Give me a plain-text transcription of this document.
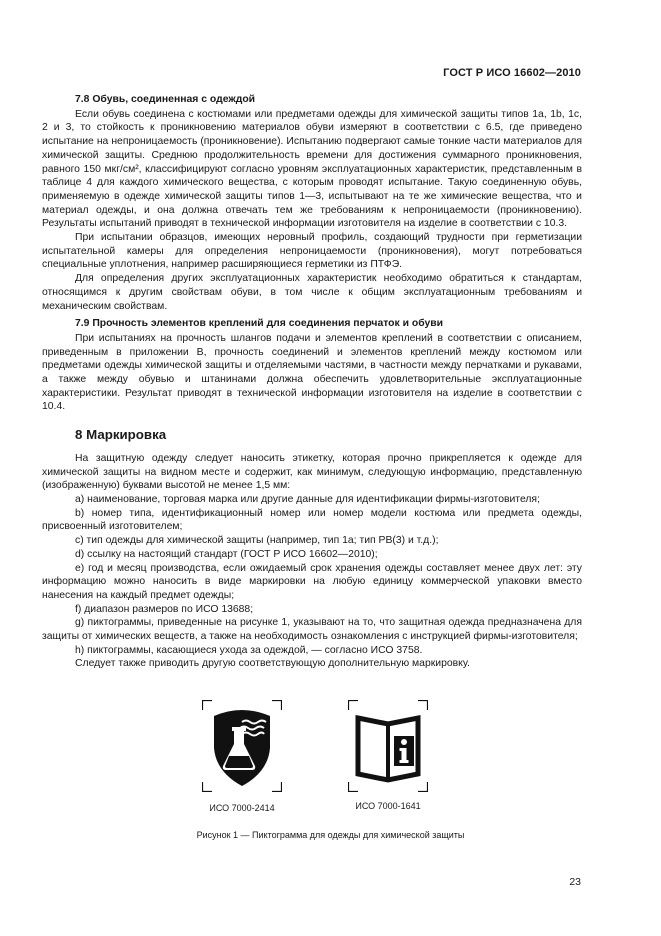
ГОСТ Р ИСО 16602—2010
7.8 Обувь, соединенная с одеждой

Если обувь соединена с костюмами или предметами одежды для химической защиты типов 1a, 1b, 1c, 2 и 3, то стойкость к проникновению материалов обуви измеряют в соответствии с 6.5, где приведено испытание на непроницаемость (проникновение). Испытанию подвергают самые тонкие части материалов для химической защиты. Среднюю продолжительность времени для достижения суммарного проникновения, равного 150 мкг/см², классифицируют согласно уровням эксплуатационных характеристик, представленным в таблице 4 для каждого химического вещества, с которым проводят испытание. Такую соединенную обувь, применяемую в одежде химической защиты типов 1—3, испытывают на те же химические вещества, что и материал одежды, и она должна отвечать тем же требованиям к непроницаемости (проникновению). Результаты испытаний приводят в технической информации изготовителя на изделие в соответствии с 10.3.

При испытании образцов, имеющих неровный профиль, создающий трудности при герметизации испытательной камеры для определения непроницаемости (проникновения), могут потребоваться специальные уплотнения, например расширяющиеся герметики из ПТФЭ.

Для определения других эксплуатационных характеристик необходимо обратиться к стандартам, относящимся к другим свойствам обуви, в том числе к общим эксплуатационным требованиям и механическим свойствам.

7.9 Прочность элементов креплений для соединения перчаток и обуви

При испытаниях на прочность шлангов подачи и элементов креплений в соответствии с описанием, приведенным в приложении В, прочность соединений и элементов креплений между костюмом или предметами одежды химической защиты и отделяемыми частями, в частности между перчатками и рукавами, а также между обувью и штанинами должна обеспечить удовлетворительные эксплуатационные характеристики. Результат приводят в технической информации изготовителя на изделие в соответствии с 10.4.

8 Маркировка

На защитную одежду следует наносить этикетку, которая прочно прикрепляется к одежде для химической защиты на видном месте и содержит, как минимум, следующую информацию, представленную (изображенную) буквами высотой не менее 1,5 мм:

a) наименование, торговая марка или другие данные для идентификации фирмы-изготовителя;
b) номер типа, идентификационный номер или номер модели костюма или предмета одежды, присвоенный изготовителем;
c) тип одежды для химической защиты (например, тип 1a; тип PB(3) и т.д.);
d) ссылку на настоящий стандарт (ГОСТ Р ИСО 16602—2010);
e) год и месяц производства, если ожидаемый срок хранения одежды составляет менее двух лет: эту информацию можно наносить в виде маркировки на любую единицу коммерческой упаковки вместо нанесения на каждый предмет одежды;
f) диапазон размеров по ИСО 13688;
g) пиктограммы, приведенные на рисунке 1, указывают на то, что защитная одежда предназначена для защиты от химических веществ, а также на необходимость ознакомления с инструкцией фирмы-изготовителя;
h) пиктограммы, касающиеся ухода за одеждой, — согласно ИСО 3758.

Следует также приводить другую соответствующую дополнительную маркировку.

ИСО 7000-2414	ИСО 7000-1641
Рисунок 1 — Пиктограмма для одежды для химической защиты
23
